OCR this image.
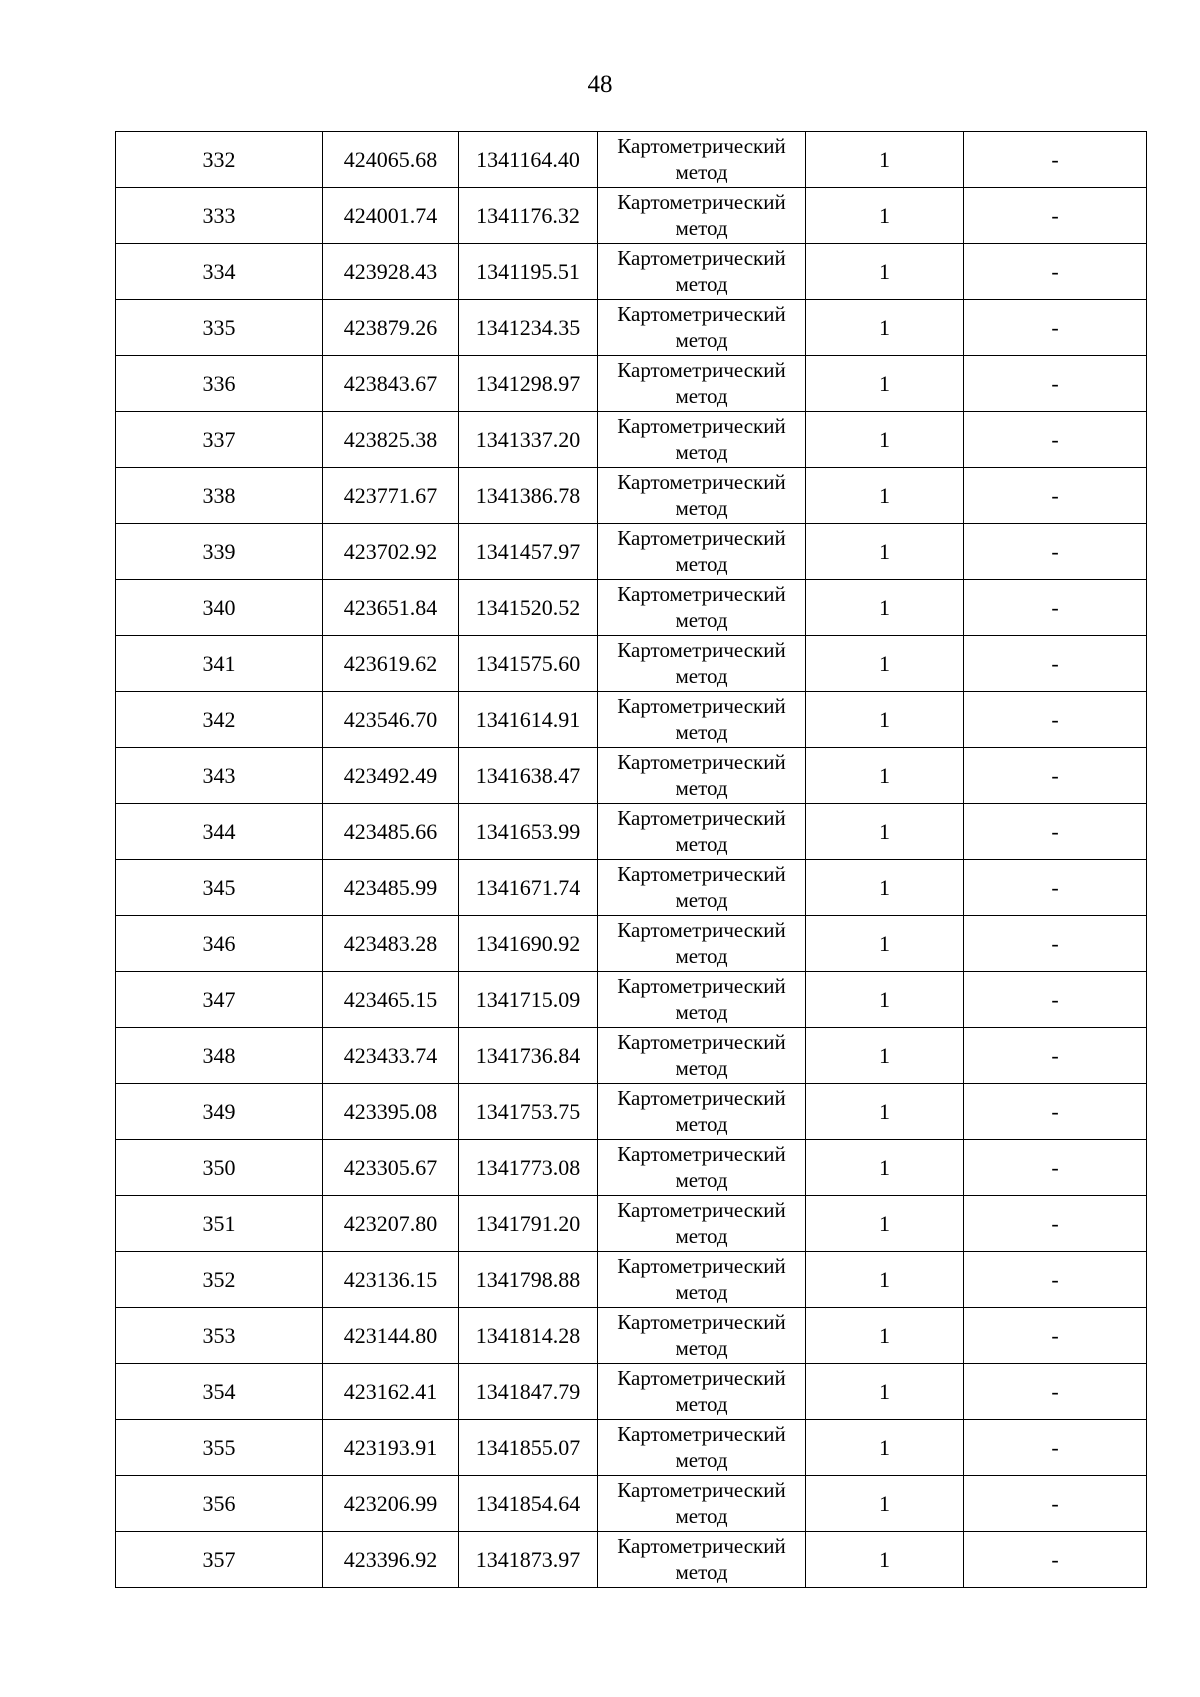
48
332	424065.68	1341164.40	Картометрический метод	1	-
333	424001.74	1341176.32	Картометрический метод	1	-
334	423928.43	1341195.51	Картометрический метод	1	-
335	423879.26	1341234.35	Картометрический метод	1	-
336	423843.67	1341298.97	Картометрический метод	1	-
337	423825.38	1341337.20	Картометрический метод	1	-
338	423771.67	1341386.78	Картометрический метод	1	-
339	423702.92	1341457.97	Картометрический метод	1	-
340	423651.84	1341520.52	Картометрический метод	1	-
341	423619.62	1341575.60	Картометрический метод	1	-
342	423546.70	1341614.91	Картометрический метод	1	-
343	423492.49	1341638.47	Картометрический метод	1	-
344	423485.66	1341653.99	Картометрический метод	1	-
345	423485.99	1341671.74	Картометрический метод	1	-
346	423483.28	1341690.92	Картометрический метод	1	-
347	423465.15	1341715.09	Картометрический метод	1	-
348	423433.74	1341736.84	Картометрический метод	1	-
349	423395.08	1341753.75	Картометрический метод	1	-
350	423305.67	1341773.08	Картометрический метод	1	-
351	423207.80	1341791.20	Картометрический метод	1	-
352	423136.15	1341798.88	Картометрический метод	1	-
353	423144.80	1341814.28	Картометрический метод	1	-
354	423162.41	1341847.79	Картометрический метод	1	-
355	423193.91	1341855.07	Картометрический метод	1	-
356	423206.99	1341854.64	Картометрический метод	1	-
357	423396.92	1341873.97	Картометрический метод	1	-
